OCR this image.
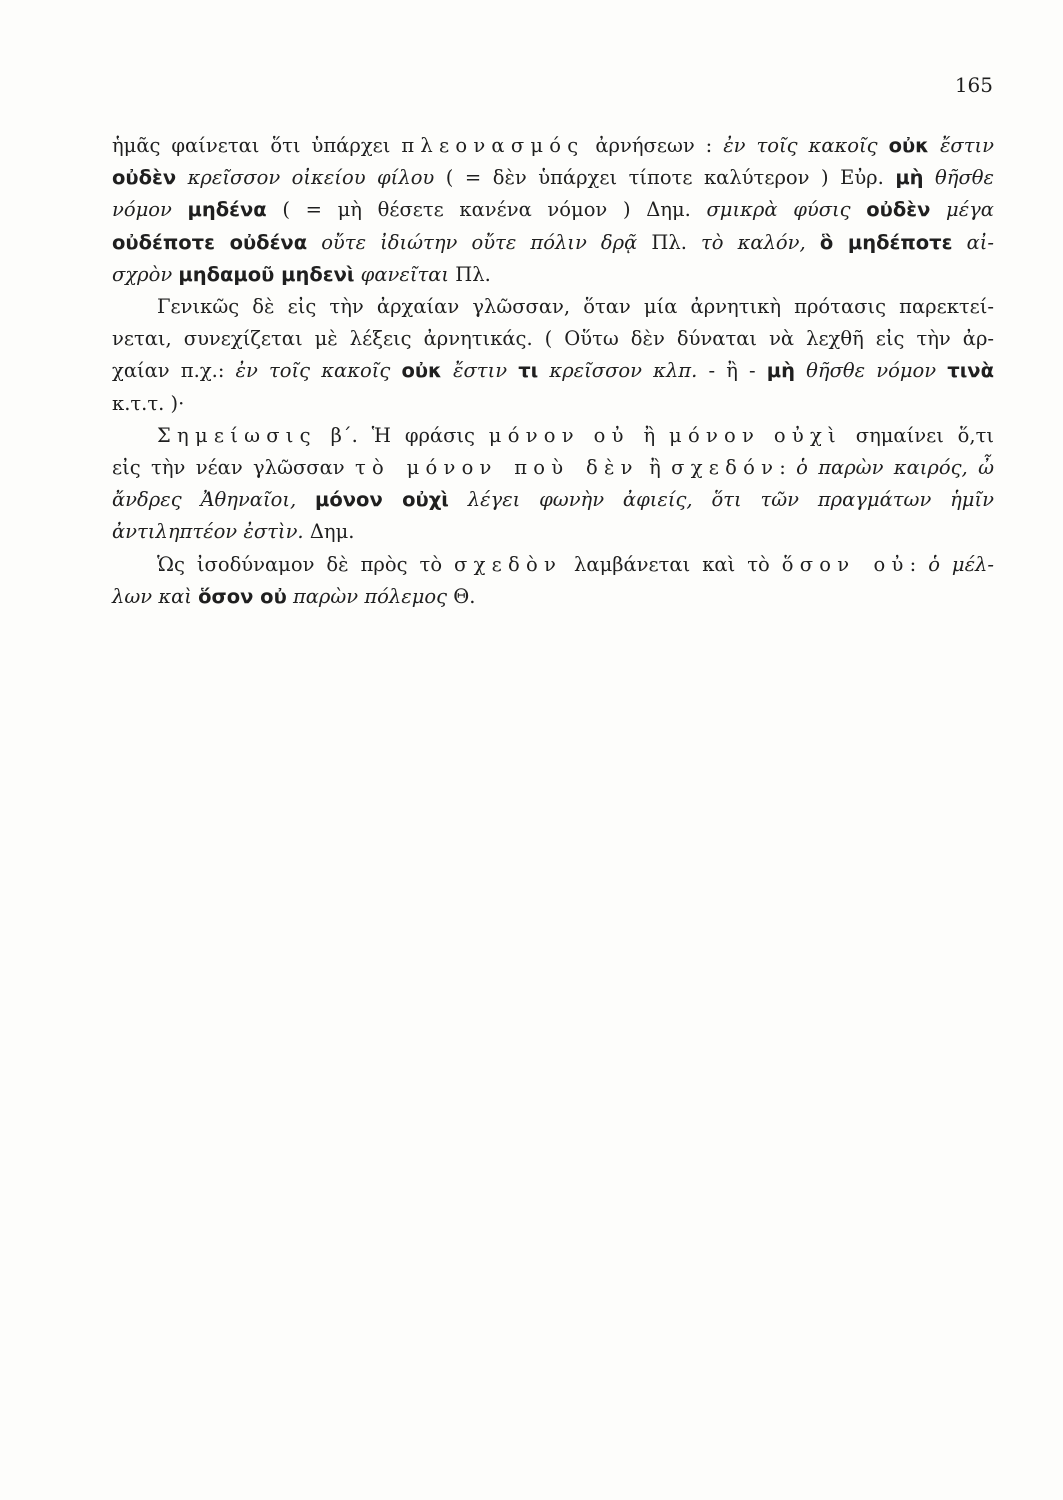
165

ἡμᾶς φαίνεται ὅτι ὑπάρχει πλεονασμός ἀρνήσεων : ἐν τοῖς κακοῖς οὐκ ἔστιν
οὐδὲν κρεῖσσον οἰκείου φίλου ( = δὲν ὑπάρχει τίποτε καλύτερον ) Εὐρ. μὴ θῆσθε
νόμον μηδένα ( = μὴ θέσετε κανένα νόμον ) Δημ. σμικρὰ φύσις οὐδὲν μέγα
οὐδέποτε οὐδένα οὔτε ἰδιώτην οὔτε πόλιν δρᾷ Πλ. τὸ καλόν, ὃ μηδέποτε αἰ-
σχρὸν μηδαμοῦ μηδενὶ φανεῖται Πλ.

Γενικῶς δὲ εἰς τὴν ἀρχαίαν γλῶσσαν, ὅταν μία ἀρνητικὴ πρότασις παρεκτεί-
νεται, συνεχίζεται μὲ λέξεις ἀρνητικάς. ( Οὕτω δὲν δύναται νὰ λεχθῆ εἰς τὴν ἀρ-
χαίαν π.χ.: ἐν τοῖς κακοῖς οὐκ ἔστιν τι κρεῖσσον κλπ. - ἢ - μὴ θῆσθε νόμον τινὰ
κ.τ.τ. )·

Σημείωσις β΄. Ἡ φράσις μόνον οὐ ἢ μόνον οὐχὶ σημαίνει ὅ,τι
εἰς τὴν νέαν γλῶσσαν τὸ μόνον ποὺ δὲν ἢ σχεδόν: ὁ παρὼν καιρός, ὦ
ἄνδρες Ἀθηναῖοι, μόνον οὐχὶ λέγει φωνὴν ἀφιείς, ὅτι τῶν πραγμάτων ἡμῖν
ἀντιληπτέον ἐστὶν. Δημ.

Ὡς ἰσοδύναμον δὲ πρὸς τὸ σχεδὸν λαμβάνεται καὶ τὸ ὅσον οὐ: ὁ μέλ-
λων καὶ ὅσον οὐ παρὼν πόλεμος Θ.
